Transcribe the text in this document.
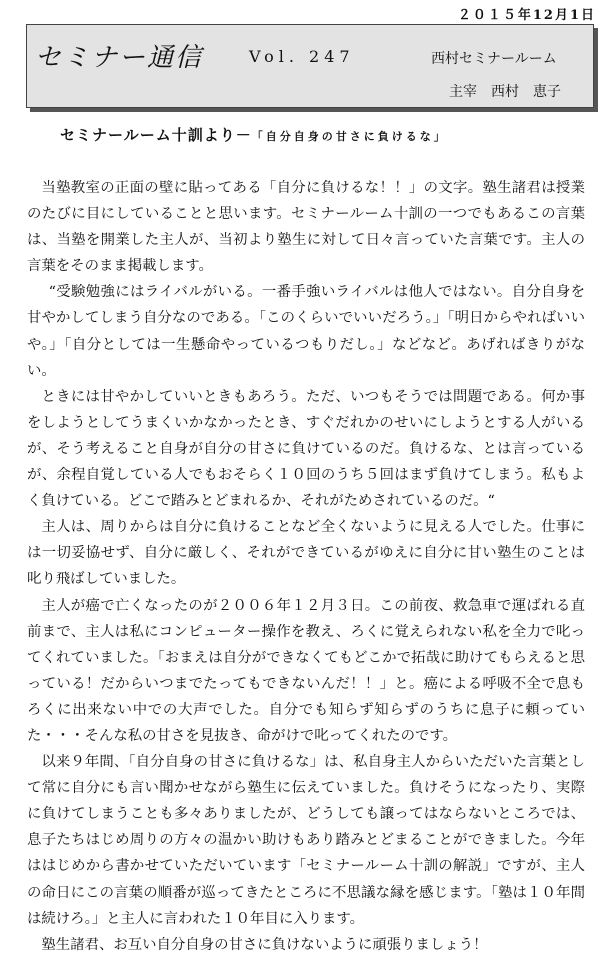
２０１５年12月1日
セミナー通信	Vol. 247	西村セミナールーム
主宰　西村　恵子
セミナールーム十訓より－「自分自身の甘さに負けるな」

当塾教室の正面の壁に貼ってある「自分に負けるな！！」の文字。塾生諸君は授業のたびに目にしていることと思います。セミナールーム十訓の一つでもあるこの言葉は、当塾を開業した主人が、当初より塾生に対して日々言っていた言葉です。主人の言葉をそのまま掲載します。

“受験勉強にはライバルがいる。一番手強いライバルは他人ではない。自分自身を甘やかしてしまう自分なのである。「このくらいでいいだろう。」「明日からやればいいや。」「自分としては一生懸命やっているつもりだし。」などなど。あげればきりがない。

ときには甘やかしていいときもあろう。ただ、いつもそうでは問題である。何か事をしようとしてうまくいかなかったとき、すぐだれかのせいにしようとする人がいるが、そう考えること自身が自分の甘さに負けているのだ。負けるな、とは言っているが、余程自覚している人でもおそらく１０回のうち５回はまず負けてしまう。私もよく負けている。どこで踏みとどまれるか、それがためされているのだ。“

主人は、周りからは自分に負けることなど全くないように見える人でした。仕事には一切妥協せず、自分に厳しく、それができているがゆえに自分に甘い塾生のことは叱り飛ばしていました。

主人が癌で亡くなったのが２００６年１２月３日。この前夜、救急車で運ばれる直前まで、主人は私にコンピューター操作を教え、ろくに覚えられない私を全力で叱ってくれていました。「おまえは自分ができなくてもどこかで拓哉に助けてもらえると思っている！だからいつまでたってもできないんだ！！」と。癌による呼吸不全で息もろくに出来ない中での大声でした。自分でも知らず知らずのうちに息子に頼っていた・・・そんな私の甘さを見抜き、命がけで叱ってくれたのです。

以来９年間、「自分自身の甘さに負けるな」は、私自身主人からいただいた言葉として常に自分にも言い聞かせながら塾生に伝えていました。負けそうになったり、実際に負けてしまうことも多々ありましたが、どうしても譲ってはならないところでは、息子たちはじめ周りの方々の温かい助けもあり踏みとどまることができました。今年ははじめから書かせていただいています「セミナールーム十訓の解説」ですが、主人の命日にこの言葉の順番が巡ってきたところに不思議な縁を感じます。「塾は１０年間は続けろ。」と主人に言われた１０年目に入ります。

塾生諸君、お互い自分自身の甘さに負けないように頑張りましょう！
